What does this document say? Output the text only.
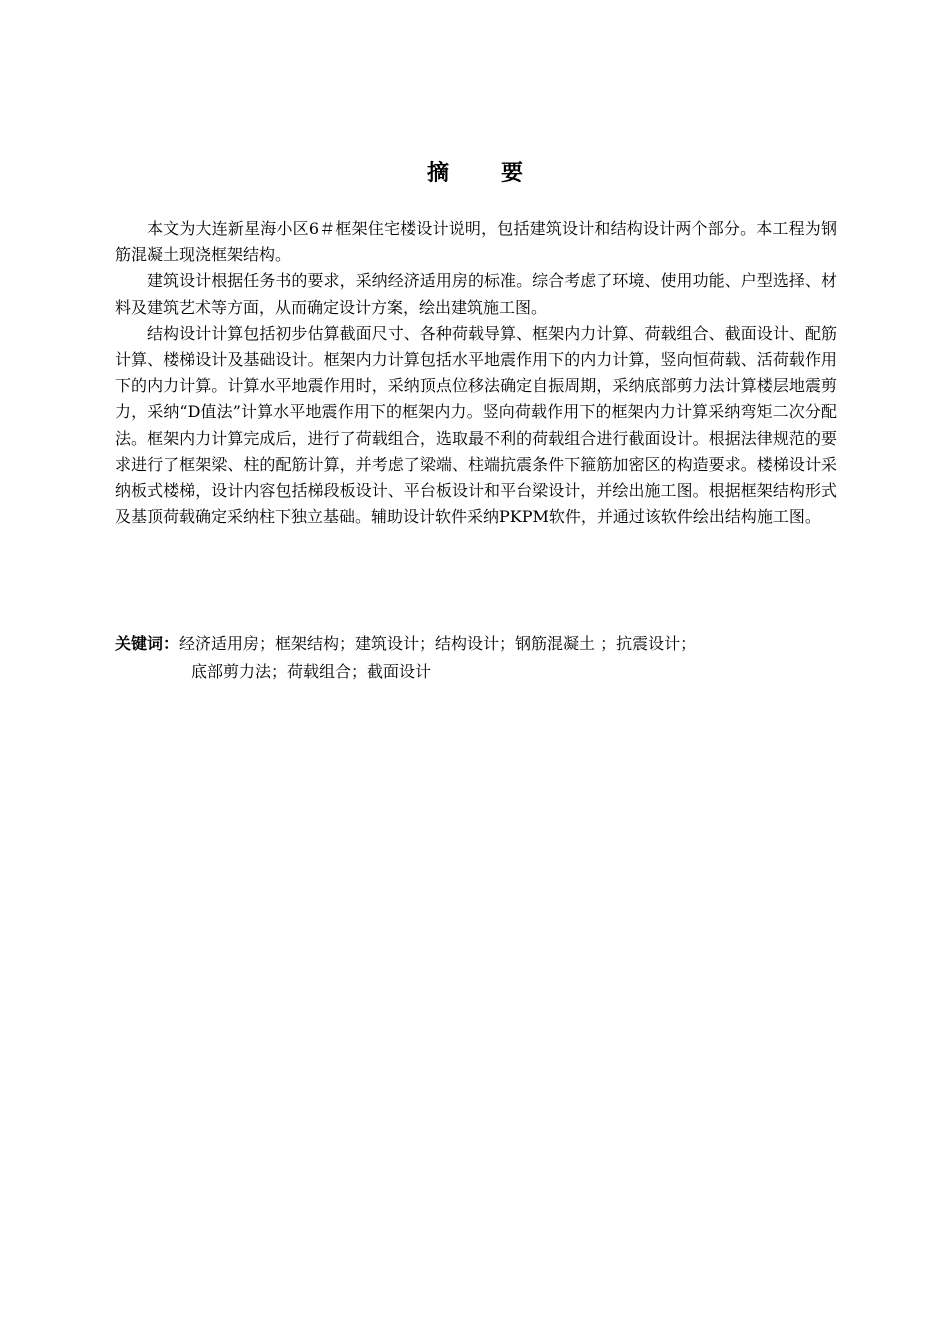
摘 要

本文为大连新星海小区6＃框架住宅楼设计说明，包括建筑设计和结构设计两个部分。本工程为钢筋混凝土现浇框架结构。

建筑设计根据任务书的要求，采纳经济适用房的标准。综合考虑了环境、使用功能、户型选择、材料及建筑艺术等方面，从而确定设计方案，绘出建筑施工图。

结构设计计算包括初步估算截面尺寸、各种荷载导算、框架内力计算、荷载组合、截面设计、配筋计算、楼梯设计及基础设计。框架内力计算包括水平地震作用下的内力计算，竖向恒荷载、活荷载作用下的内力计算。计算水平地震作用时，采纳顶点位移法确定自振周期，采纳底部剪力法计算楼层地震剪力，采纳“D值法”计算水平地震作用下的框架内力。竖向荷载作用下的框架内力计算采纳弯矩二次分配法。框架内力计算完成后，进行了荷载组合，选取最不利的荷载组合进行截面设计。根据法律规范的要求进行了框架梁、柱的配筋计算，并考虑了梁端、柱端抗震条件下箍筋加密区的构造要求。楼梯设计采纳板式楼梯，设计内容包括梯段板设计、平台板设计和平台梁设计，并绘出施工图。根据框架结构形式及基顶荷载确定采纳柱下独立基础。辅助设计软件采纳PKPM软件，并通过该软件绘出结构施工图。

关键词：经济适用房；框架结构；建筑设计；结构设计；钢筋混凝土 ；抗震设计；
底部剪力法；荷载组合；截面设计
